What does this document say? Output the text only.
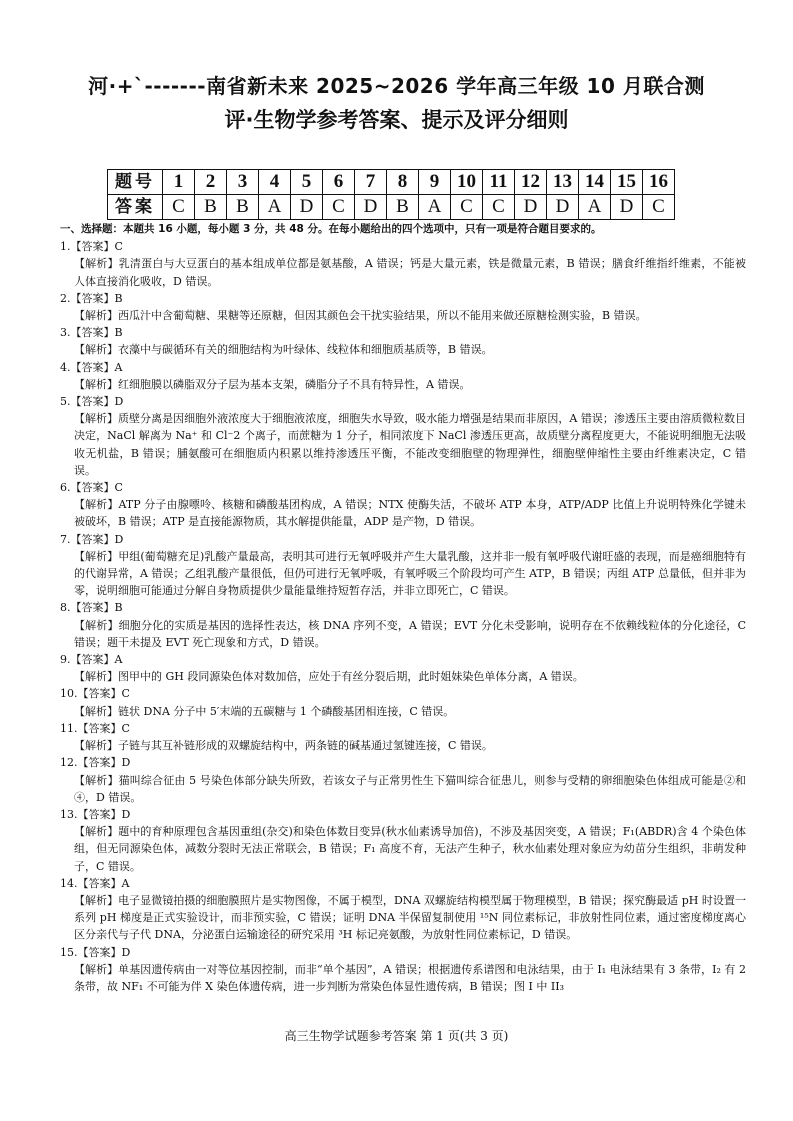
河·+`-------南省新未来 2025~2026 学年高三年级 10 月联合测
评·生物学参考答案、提示及评分细则
题号	1	2	3	4	5	6	7	8	9	10	11	12	13	14	15	16
答案	C	B	B	A	D	C	D	B	A	C	C	D	D	A	D	C

一、选择题：本题共 16 小题，每小题 3 分，共 48 分。在每小题给出的四个选项中，只有一项是符合题目要求的。

1.【答案】C

【解析】乳清蛋白与大豆蛋白的基本组成单位都是氨基酸，A 错误；钙是大量元素，铁是微量元素，B 错误；膳食纤维指纤维素，不能被人体直接消化吸收，D 错误。

2.【答案】B

【解析】西瓜汁中含葡萄糖、果糖等还原糖，但因其颜色会干扰实验结果，所以不能用来做还原糖检测实验，B 错误。

3.【答案】B

【解析】衣藻中与碳循环有关的细胞结构为叶绿体、线粒体和细胞质基质等，B 错误。

4.【答案】A

【解析】红细胞膜以磷脂双分子层为基本支架，磷脂分子不具有特异性，A 错误。

5.【答案】D

【解析】质壁分离是因细胞外液浓度大于细胞液浓度，细胞失水导致，吸水能力增强是结果而非原因，A 错误；渗透压主要由溶质微粒数目决定，NaCl 解离为 Na⁺ 和 Cl⁻2 个离子，而蔗糖为 1 分子，相同浓度下 NaCl 渗透压更高，故质壁分离程度更大，不能说明细胞无法吸收无机盐，B 错误；脯氨酸可在细胞质内积累以维持渗透压平衡，不能改变细胞壁的物理弹性，细胞壁伸缩性主要由纤维素决定，C 错误。

6.【答案】C

【解析】ATP 分子由腺嘌呤、核糖和磷酸基团构成，A 错误；NTX 使酶失活，不破坏 ATP 本身，ATP/ADP 比值上升说明特殊化学键未被破坏，B 错误；ATP 是直接能源物质，其水解提供能量，ADP 是产物，D 错误。

7.【答案】D

【解析】甲组(葡萄糖充足)乳酸产量最高，表明其可进行无氧呼吸并产生大量乳酸，这并非一般有氧呼吸代谢旺盛的表现，而是癌细胞特有的代谢异常，A 错误；乙组乳酸产量很低，但仍可进行无氧呼吸，有氧呼吸三个阶段均可产生 ATP，B 错误；丙组 ATP 总量低，但并非为零，说明细胞可能通过分解自身物质提供少量能量维持短暂存活，并非立即死亡，C 错误。

8.【答案】B

【解析】细胞分化的实质是基因的选择性表达，核 DNA 序列不变，A 错误；EVT 分化未受影响，说明存在不依赖线粒体的分化途径，C 错误；题干未提及 EVT 死亡现象和方式，D 错误。

9.【答案】A

【解析】图甲中的 GH 段同源染色体对数加倍，应处于有丝分裂后期，此时姐妹染色单体分离，A 错误。

10.【答案】C

【解析】链状 DNA 分子中 5′末端的五碳糖与 1 个磷酸基团相连接，C 错误。

11.【答案】C

【解析】子链与其互补链形成的双螺旋结构中，两条链的碱基通过氢键连接，C 错误。

12.【答案】D

【解析】猫叫综合征由 5 号染色体部分缺失所致，若该女子与正常男性生下猫叫综合征患儿，则参与受精的卵细胞染色体组成可能是②和④，D 错误。

13.【答案】D

【解析】题中的育种原理包含基因重组(杂交)和染色体数目变异(秋水仙素诱导加倍)，不涉及基因突变，A 错误；F₁(ABDR)含 4 个染色体组，但无同源染色体，减数分裂时无法正常联会，B 错误；F₁ 高度不育，无法产生种子，秋水仙素处理对象应为幼苗分生组织，非萌发种子，C 错误。

14.【答案】A

【解析】电子显微镜拍摄的细胞膜照片是实物图像，不属于模型，DNA 双螺旋结构模型属于物理模型，B 错误；探究酶最适 pH 时设置一系列 pH 梯度是正式实验设计，而非预实验，C 错误；证明 DNA 半保留复制使用 ¹⁵N 同位素标记，非放射性同位素，通过密度梯度离心区分亲代与子代 DNA，分泌蛋白运输途径的研究采用 ³H 标记亮氨酸，为放射性同位素标记，D 错误。

15.【答案】D

【解析】单基因遗传病由一对等位基因控制，而非“单个基因”，A 错误；根据遗传系谱图和电泳结果，由于 I₁ 电泳结果有 3 条带，I₂ 有 2 条带，故 NF₁ 不可能为伴 X 染色体遗传病，进一步判断为常染色体显性遗传病，B 错误；图 I 中 II₃

高三生物学试题参考答案 第 1 页(共 3 页)
